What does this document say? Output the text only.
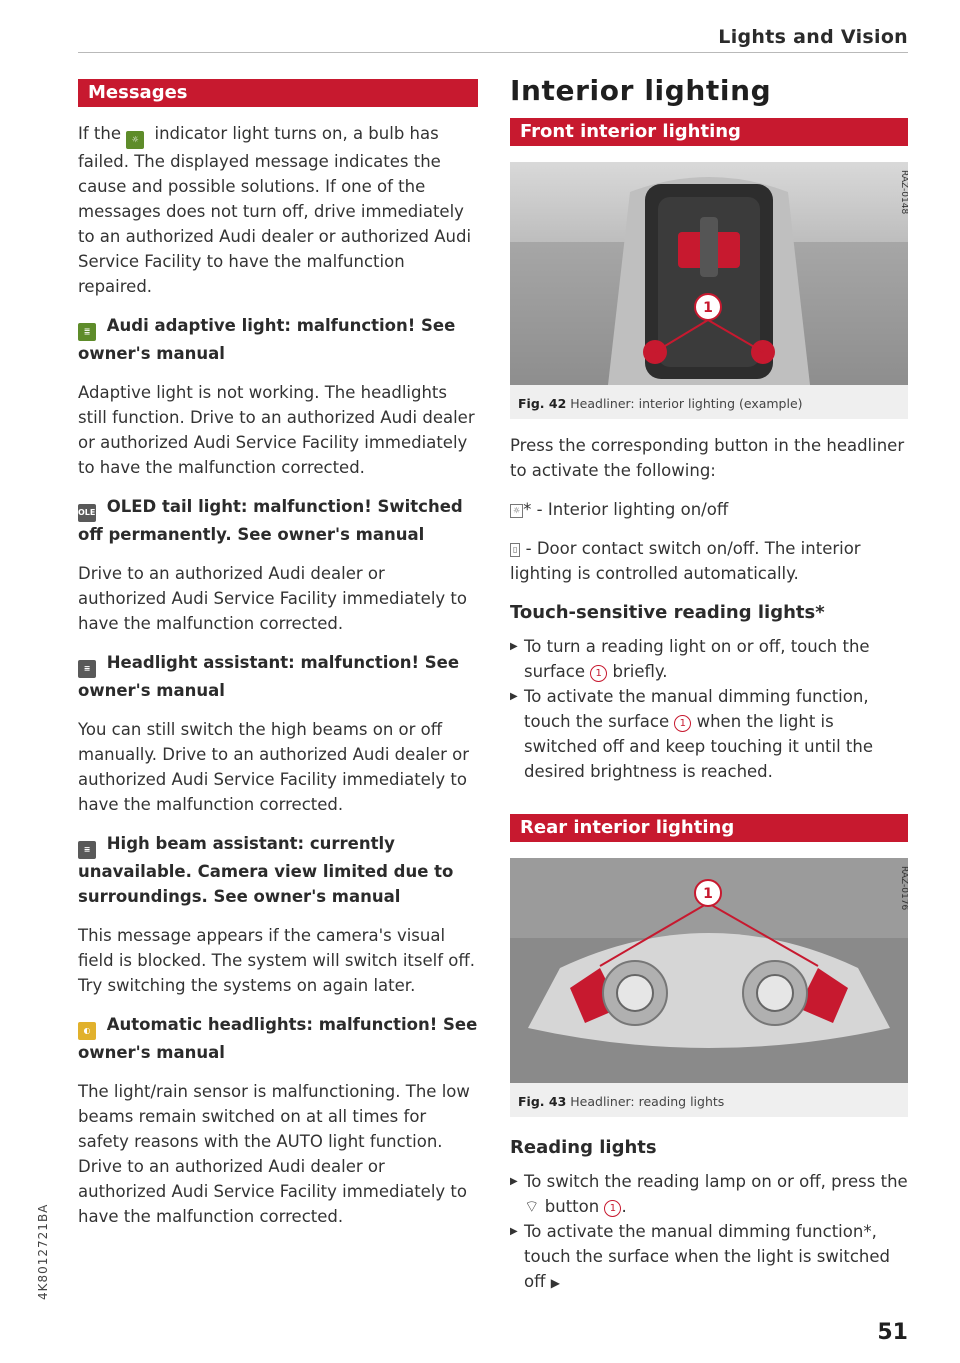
Lights and Vision
Messages

If the ☼ indicator light turns on, a bulb has failed. The displayed message indicates the cause and possible solutions. If one of the messages does not turn off, drive immediately to an authorized Audi dealer or authorized Audi Service Facility to have the malfunction repaired.

≣ Audi adaptive light: malfunction! See owner's manual

Adaptive light is not working. The headlights still function. Drive to an authorized Audi dealer or authorized Audi Service Facility immediately to have the malfunction corrected.

OLED OLED tail light: malfunction! Switched off permanently. See owner's manual

Drive to an authorized Audi dealer or authorized Audi Service Facility immediately to have the malfunction corrected.

≡ Headlight assistant: malfunction! See owner's manual

You can still switch the high beams on or off manually. Drive to an authorized Audi dealer or authorized Audi Service Facility immediately to have the malfunction corrected.

≡ High beam assistant: currently unavailable. Camera view limited due to surroundings. See owner's manual

This message appears if the camera's visual field is blocked. The system will switch itself off. Try switching the systems on again later.

◐ Automatic headlights: malfunction! See owner's manual

The light/rain sensor is malfunctioning. The low beams remain switched on at all times for safety reasons with the AUTO light function. Drive to an authorized Audi dealer or authorized Audi Service Facility immediately to have the malfunction corrected.

Interior lighting
Front interior lighting
1
RAZ-0148
Fig. 42 Headliner: interior lighting (example)

Press the corresponding button in the headliner to activate the following:

☼ * - Interior lighting on/off

▯ - Door contact switch on/off. The interior lighting is controlled automatically.

Touch-sensitive reading lights*
▶ To turn a reading light on or off, touch the surface 1 briefly.
▶ To activate the manual dimming function, touch the surface 1 when the light is switched off and keep touching it until the desired brightness is reached.
Rear interior lighting
1	RAZ-0176
Fig. 43 Headliner: reading lights
Reading lights
▶ To switch the reading lamp on or off, press the ⌔ button 1 .
▶ To activate the manual dimming function*, touch the surface when the light is switched off ▶
4K8012721BA
51
